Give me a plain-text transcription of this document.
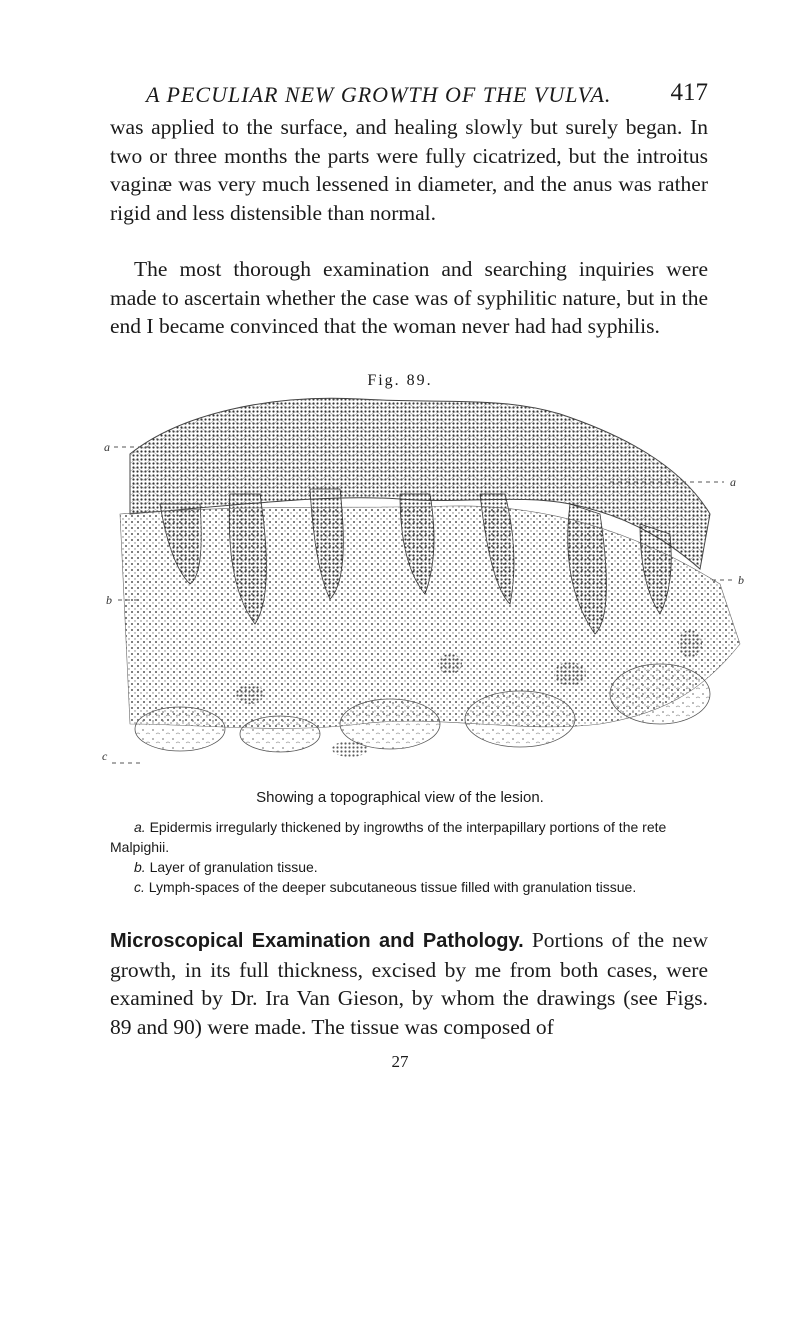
A PECULIAR NEW GROWTH OF THE VULVA. 417

was applied to the surface, and healing slowly but surely began. In two or three months the parts were fully cicatrized, but the introitus vaginæ was very much lessened in diameter, and the anus was rather rigid and less distensible than normal.

The most thorough examination and searching inquiries were made to ascertain whether the case was of syphilitic nature, but in the end I became convinced that the woman never had had syphilis.

Fig. 89.
a
a
b
b
c
Showing a topographical view of the lesion.

a. Epidermis irregularly thickened by ingrowths of the interpapillary portions of the rete Malpighii.

b. Layer of granulation tissue.

c. Lymph-spaces of the deeper subcutaneous tissue filled with granulation tissue.

Microscopical Examination and Pathology. Portions of the new growth, in its full thickness, excised by me from both cases, were examined by Dr. Ira Van Gieson, by whom the drawings (see Figs. 89 and 90) were made. The tissue was composed of

27
